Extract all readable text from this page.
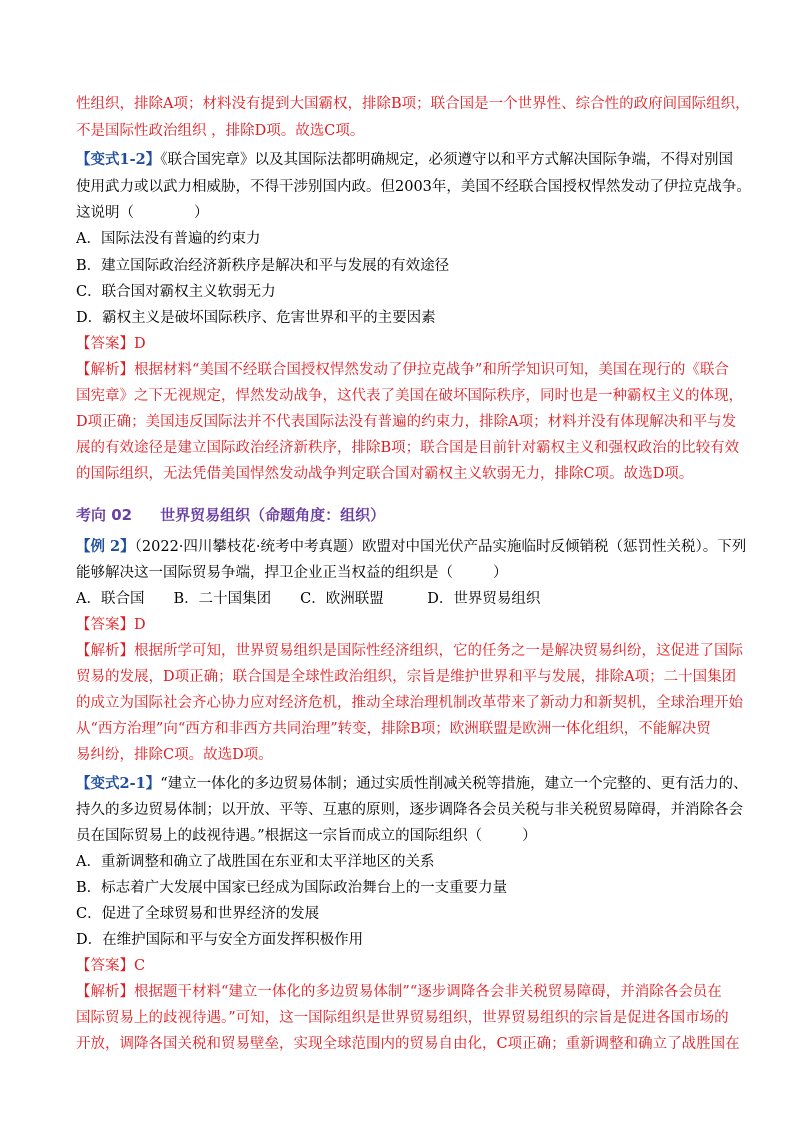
性组织，排除A项；材料没有提到大国霸权，排除B项；联合国是一个世界性、综合性的政府间国际组织，
不是国际性政治组织 ，排除D项。故选C项。
【变式1-2】《联合国宪章》以及其国际法都明确规定，必须遵守以和平方式解决国际争端，不得对别国
使用武力或以武力相威胁，不得干涉别国内政。但2003年，美国不经联合国授权悍然发动了伊拉克战争。
这说明（	）
A．国际法没有普遍的约束力
B．建立国际政治经济新秩序是解决和平与发展的有效途径
C．联合国对霸权主义软弱无力
D．霸权主义是破坏国际秩序、危害世界和平的主要因素
【答案】D
【解析】根据材料“美国不经联合国授权悍然发动了伊拉克战争”和所学知识可知，美国在现行的《联合
国宪章》之下无视规定，悍然发动战争，这代表了美国在破坏国际秩序，同时也是一种霸权主义的体现，
D项正确；美国违反国际法并不代表国际法没有普遍的约束力，排除A项；材料并没有体现解决和平与发
展的有效途径是建立国际政治经济新秩序，排除B项；联合国是目前针对霸权主义和强权政治的比较有效
的国际组织，无法凭借美国悍然发动战争判定联合国对霸权主义软弱无力，排除C项。故选D项。
考向 02 世界贸易组织（命题角度：组织）
【例 2】（2022·四川攀枝花·统考中考真题）欧盟对中国光伏产品实施临时反倾销税（惩罚性关税）。下列
能够解决这一国际贸易争端，捍卫企业正当权益的组织是（	）
A．联合国　　B．二十国集团　　C．欧洲联盟　　　D．世界贸易组织
【答案】D
【解析】根据所学可知，世界贸易组织是国际性经济组织，它的任务之一是解决贸易纠纷，这促进了国际
贸易的发展，D项正确；联合国是全球性政治组织，宗旨是维护世界和平与发展，排除A项；二十国集团
的成立为国际社会齐心协力应对经济危机，推动全球治理机制改革带来了新动力和新契机，全球治理开始
从“西方治理”向“西方和非西方共同治理”转变，排除B项；欧洲联盟是欧洲一体化组织，不能解决贸
易纠纷，排除C项。故选D项。
【变式2-1】“建立一体化的多边贸易体制；通过实质性削减关税等措施，建立一个完整的、更有活力的、
持久的多边贸易体制；以开放、平等、互惠的原则，逐步调降各会员关税与非关税贸易障碍，并消除各会
员在国际贸易上的歧视待遇。”根据这一宗旨而成立的国际组织（	）
A．重新调整和确立了战胜国在东亚和太平洋地区的关系
B．标志着广大发展中国家已经成为国际政治舞台上的一支重要力量
C．促进了全球贸易和世界经济的发展
D．在维护国际和平与安全方面发挥积极作用
【答案】C
【解析】根据题干材料“建立一体化的多边贸易体制”“逐步调降各会非关税贸易障碍，并消除各会员在
国际贸易上的歧视待遇。”可知，这一国际组织是世界贸易组织，世界贸易组织的宗旨是促进各国市场的
开放，调降各国关税和贸易壁垒，实现全球范围内的贸易自由化，C项正确；重新调整和确立了战胜国在
